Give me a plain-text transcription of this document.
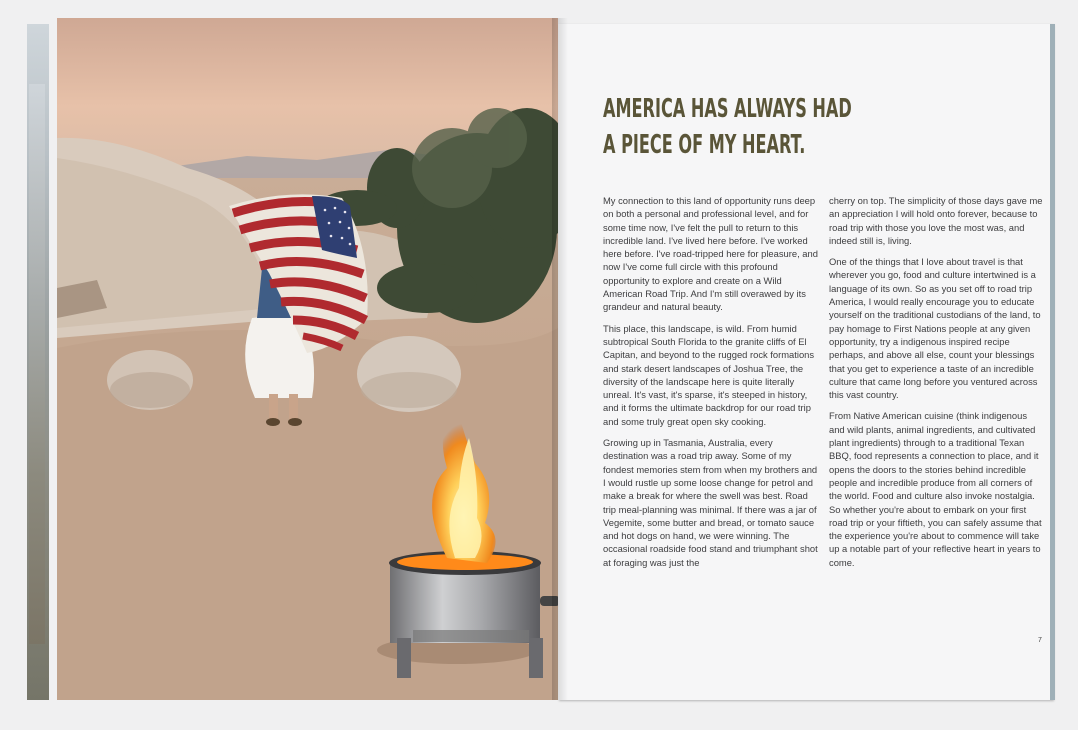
AMERICA HAS ALWAYS HAD
A PIECE OF MY HEART.

My connection to this land of opportunity runs deep on both a personal and professional level, and for some time now, I've felt the pull to return to this incredible land. I've lived here before. I've worked here before. I've road-tripped here for pleasure, and now I've come full circle with this profound opportunity to explore and create on a Wild American Road Trip. And I'm still overawed by its grandeur and natural beauty.

This place, this landscape, is wild. From humid subtropical South Florida to the granite cliffs of El Capitan, and beyond to the rugged rock formations and stark desert landscapes of Joshua Tree, the diversity of the landscape here is quite literally unreal. It's vast, it's sparse, it's steeped in history, and it forms the ultimate backdrop for our road trip and some truly great open sky cooking.

Growing up in Tasmania, Australia, every destination was a road trip away. Some of my fondest memories stem from when my brothers and I would rustle up some loose change for petrol and make a break for where the swell was best. Road trip meal-planning was minimal. If there was a jar of Vegemite, some butter and bread, or tomato sauce and hot dogs on hand, we were winning. The occasional roadside food stand and triumphant shot at foraging was just the

cherry on top. The simplicity of those days gave me an appreciation I will hold onto forever, because to road trip with those you love the most was, and indeed still is, living.

One of the things that I love about travel is that wherever you go, food and culture intertwined is a language of its own. So as you set off to road trip America, I would really encourage you to educate yourself on the traditional custodians of the land, to pay homage to First Nations people at any given opportunity, try a indigenous inspired recipe perhaps, and above all else, count your blessings that you get to experience a taste of an incredible culture that came long before you ventured across this vast country.

From Native American cuisine (think indigenous and wild plants, animal ingredients, and cultivated plant ingredients) through to a traditional Texan BBQ, food represents a connection to place, and it opens the doors to the stories behind incredible people and incredible produce from all corners of the world. Food and culture also invoke nostalgia. So whether you're about to embark on your first road trip or your fiftieth, you can safely assume that the experience you're about to commence will take up a notable part of your reflective heart in years to come.

7
